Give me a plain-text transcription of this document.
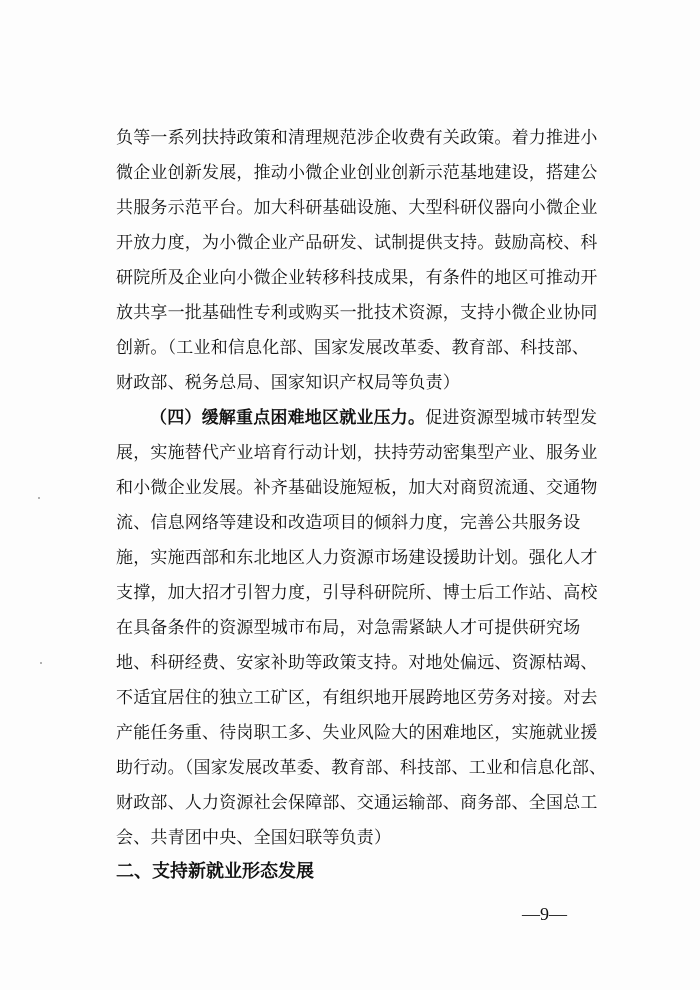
负等一系列扶持政策和清理规范涉企收费有关政策。着力推进小
微企业创新发展，推动小微企业创业创新示范基地建设，搭建公
共服务示范平台。加大科研基础设施、大型科研仪器向小微企业
开放力度，为小微企业产品研发、试制提供支持。鼓励高校、科
研院所及企业向小微企业转移科技成果，有条件的地区可推动开
放共享一批基础性专利或购买一批技术资源，支持小微企业协同
创新。（工业和信息化部、国家发展改革委、教育部、科技部、
财政部、税务总局、国家知识产权局等负责）
（四）缓解重点困难地区就业压力。促进资源型城市转型发
展，实施替代产业培育行动计划，扶持劳动密集型产业、服务业
和小微企业发展。补齐基础设施短板，加大对商贸流通、交通物
流、信息网络等建设和改造项目的倾斜力度，完善公共服务设
施，实施西部和东北地区人力资源市场建设援助计划。强化人才
支撑，加大招才引智力度，引导科研院所、博士后工作站、高校
在具备条件的资源型城市布局，对急需紧缺人才可提供研究场
地、科研经费、安家补助等政策支持。对地处偏远、资源枯竭、
不适宜居住的独立工矿区，有组织地开展跨地区劳务对接。对去
产能任务重、待岗职工多、失业风险大的困难地区，实施就业援
助行动。（国家发展改革委、教育部、科技部、工业和信息化部、
财政部、人力资源社会保障部、交通运输部、商务部、全国总工
会、共青团中央、全国妇联等负责）
二、支持新就业形态发展
—9—
